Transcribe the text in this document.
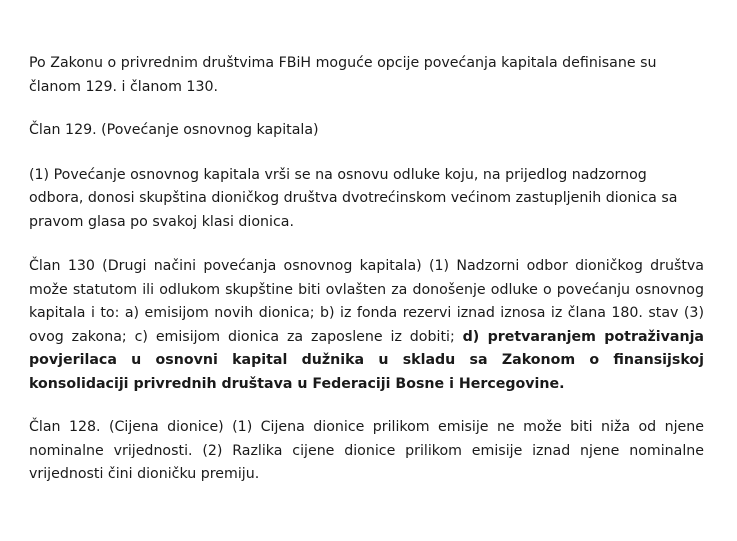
Po Zakonu o privrednim društvima FBiH moguće opcije povećanja kapitala definisane su članom 129. i članom 130.

Član 129. (Povećanje osnovnog kapitala)

(1) Povećanje osnovnog kapitala vrši se na osnovu odluke koju, na prijedlog nadzornog odbora, donosi skupština dioničkog društva dvotrećinskom većinom zastupljenih dionica sa pravom glasa po svakoj klasi dionica.

Član 130 (Drugi načini povećanja osnovnog kapitala) (1) Nadzorni odbor dioničkog društva može statutom ili odlukom skupštine biti ovlašten za donošenje odluke o povećanju osnovnog kapitala i to: a) emisijom novih dionica; b) iz fonda rezervi iznad iznosa iz člana 180. stav (3) ovog zakona; c) emisijom dionica za zaposlene iz dobiti; d) pretvaranjem potraživanja povjerilaca u osnovni kapital dužnika u skladu sa Zakonom o finansijskoj konsolidaciji privrednih društava u Federaciji Bosne i Hercegovine.

Član 128. (Cijena dionice) (1) Cijena dionice prilikom emisije ne može biti niža od njene nominalne vrijednosti. (2) Razlika cijene dionice prilikom emisije iznad njene nominalne vrijednosti čini dioničku premiju.
